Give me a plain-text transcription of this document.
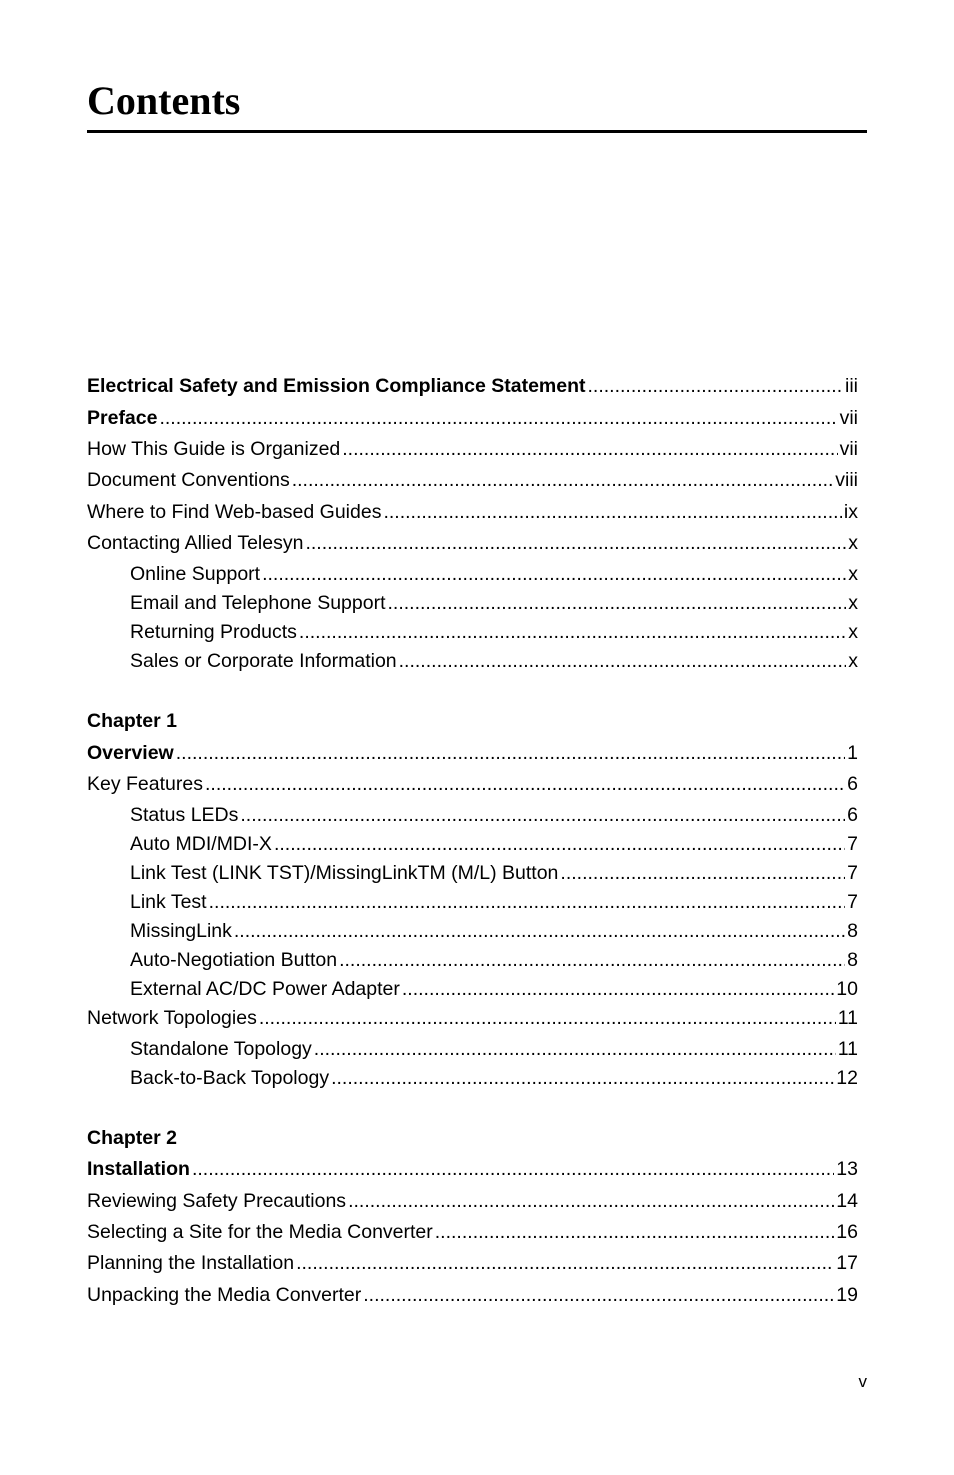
Contents
Electrical Safety and Emission Compliance Statement .....	iii
Preface .....	vii
How This Guide is Organized .....	vii
Document Conventions .....	viii
Where to Find Web-based Guides .....	ix
Contacting Allied Telesyn .....	x
Online Support .....	x
Email and Telephone Support .....	x
Returning Products .....	x
Sales or Corporate Information .....	x
Chapter 1
Overview .....	1
Key Features .....	6
Status LEDs .....	6
Auto MDI/MDI-X .....	7
Link Test (LINK TST)/MissingLinkTM (M/L) Button .....	7
Link Test .....	7
MissingLink .....	8
Auto-Negotiation Button .....	8
External AC/DC Power Adapter .....	10
Network Topologies .....	11
Standalone Topology .....	11
Back-to-Back Topology .....	12
Chapter 2
Installation .....	13
Reviewing Safety Precautions .....	14
Selecting a Site for the Media Converter .....	16
Planning the Installation .....	17
Unpacking the Media Converter .....	19
v
